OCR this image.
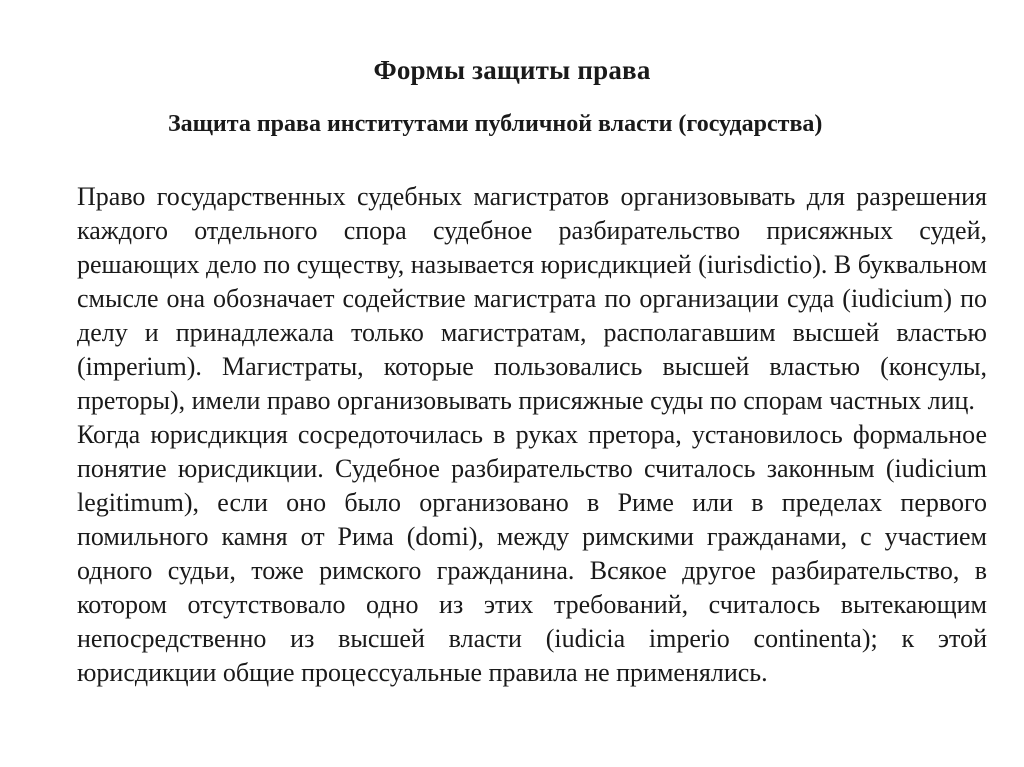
Формы защиты права
Защита права институтами публичной власти (государства)

Право государственных судебных магистратов организовывать для разрешения каждого отдельного спора судебное разбирательство присяжных судей, решающих дело по существу, называется юрисдикцией (iurisdictio). В буквальном смысле она обозначает содействие магистрата по организации суда (iudicium) по делу и принадлежала только магистратам, располагавшим высшей властью (imperium). Магистраты, которые пользовались высшей властью (консулы, преторы), имели право организовывать присяжные суды по спорам частных лиц.

Когда юрисдикция сосредоточилась в руках претора, установилось формальное понятие юрисдикции. Судебное разбирательство считалось законным (iudicium legitimum), если оно было организовано в Риме или в пределах первого помильного камня от Рима (domi), между римскими гражданами, с участием одного судьи, тоже римского гражданина. Всякое другое разбирательство, в котором отсутствовало одно из этих требований, считалось вытекающим непосредственно из высшей власти (iudicia imperio continenta); к этой юрисдикции общие процессуальные правила не применялись.
